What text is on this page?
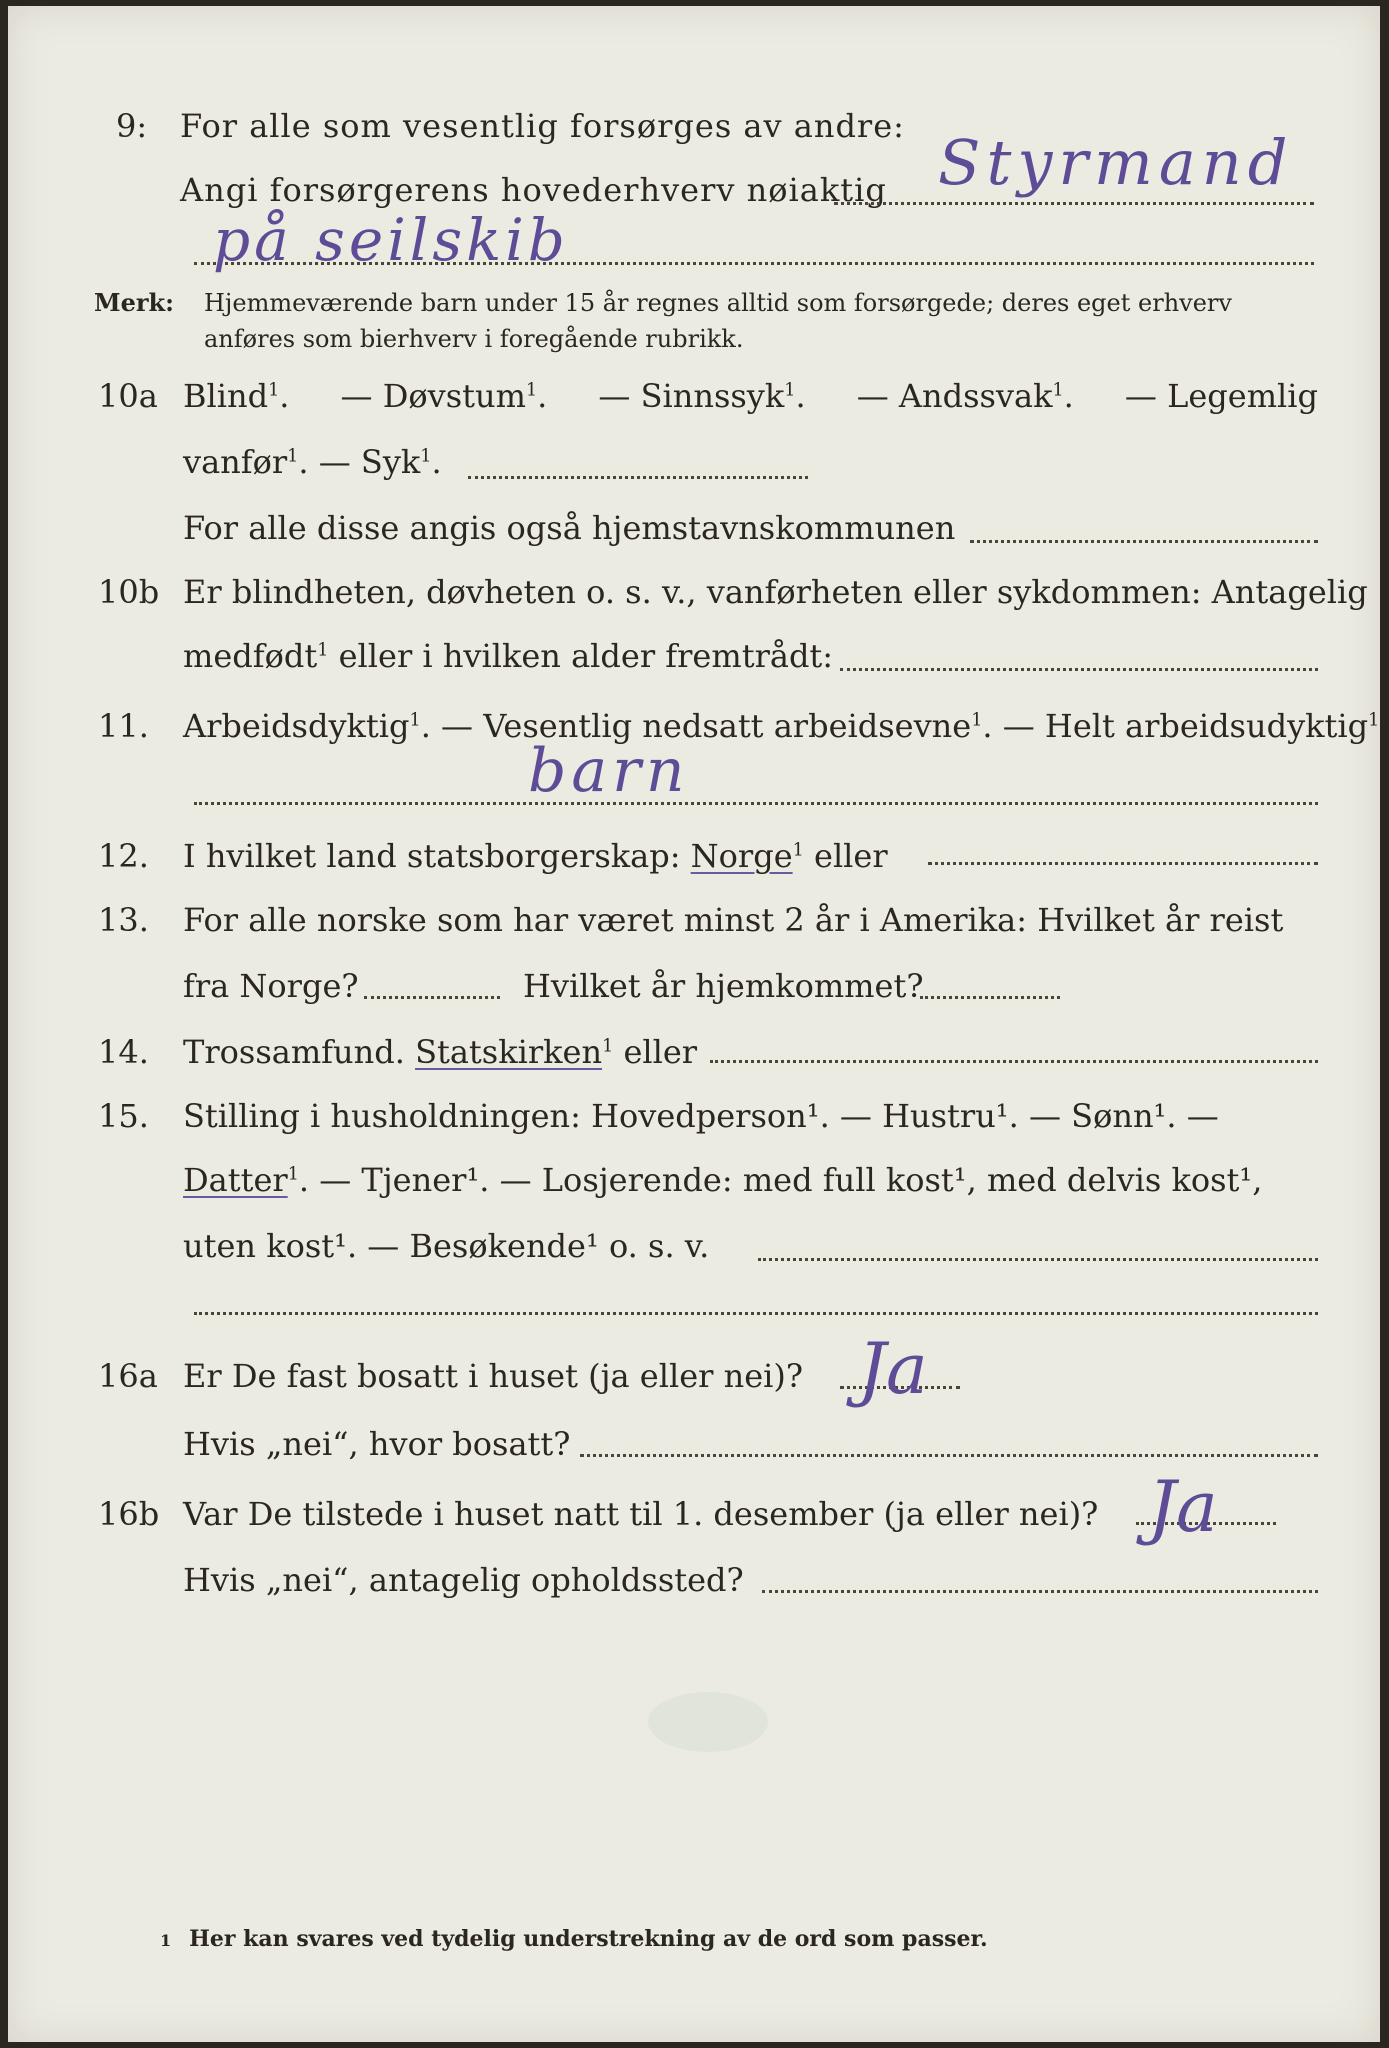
9: For alle som vesentlig forsørges av andre:
Angi forsørgerens hovederhverv nøiaktig Styrmand
på seilskib
Merk: Hjemmeværende barn under 15 år regnes alltid som forsørgede; deres eget erhverv
anføres som bierhverv i foregående rubrikk.
10a Blind$^1$. — Døvstum$^1$. — Sinnssyk$^1$. — Andssvak$^1$. — Legemlig
vanfør$^1$. — Syk$^1$.
For alle disse angis også hjemstavnskommunen
10b Er blindheten, døvheten o. s. v., vanførheten eller sykdommen: Antagelig
medfødt$^1$ eller i hvilken alder fremtrådt:
11. Arbeidsdyktig$^1$. — Vesentlig nedsatt arbeidsevne$^1$. — Helt arbeidsudyktig$^1$.
barn
12. I hvilket land statsborgerskap: Norge$^1$ eller
13. For alle norske som har været minst 2 år i Amerika: Hvilket år reist
fra Norge?	Hvilket år hjemkommet?
14. Trossamfund. Statskirken$^1$ eller
15. Stilling i husholdningen: Hovedperson¹. — Hustru¹. — Sønn¹. —
Datter$^1$. — Tjener¹. — Losjerende: med full kost¹, med delvis kost¹,
uten kost¹. — Besøkende¹ o. s. v.
16a Er De fast bosatt i huset (ja eller nei)? Ja
Hvis „nei“, hvor bosatt?
16b Var De tilstede i huset natt til 1. desember (ja eller nei)? Ja
Hvis „nei“, antagelig opholdssted?
1 Her kan svares ved tydelig understrekning av de ord som passer.
